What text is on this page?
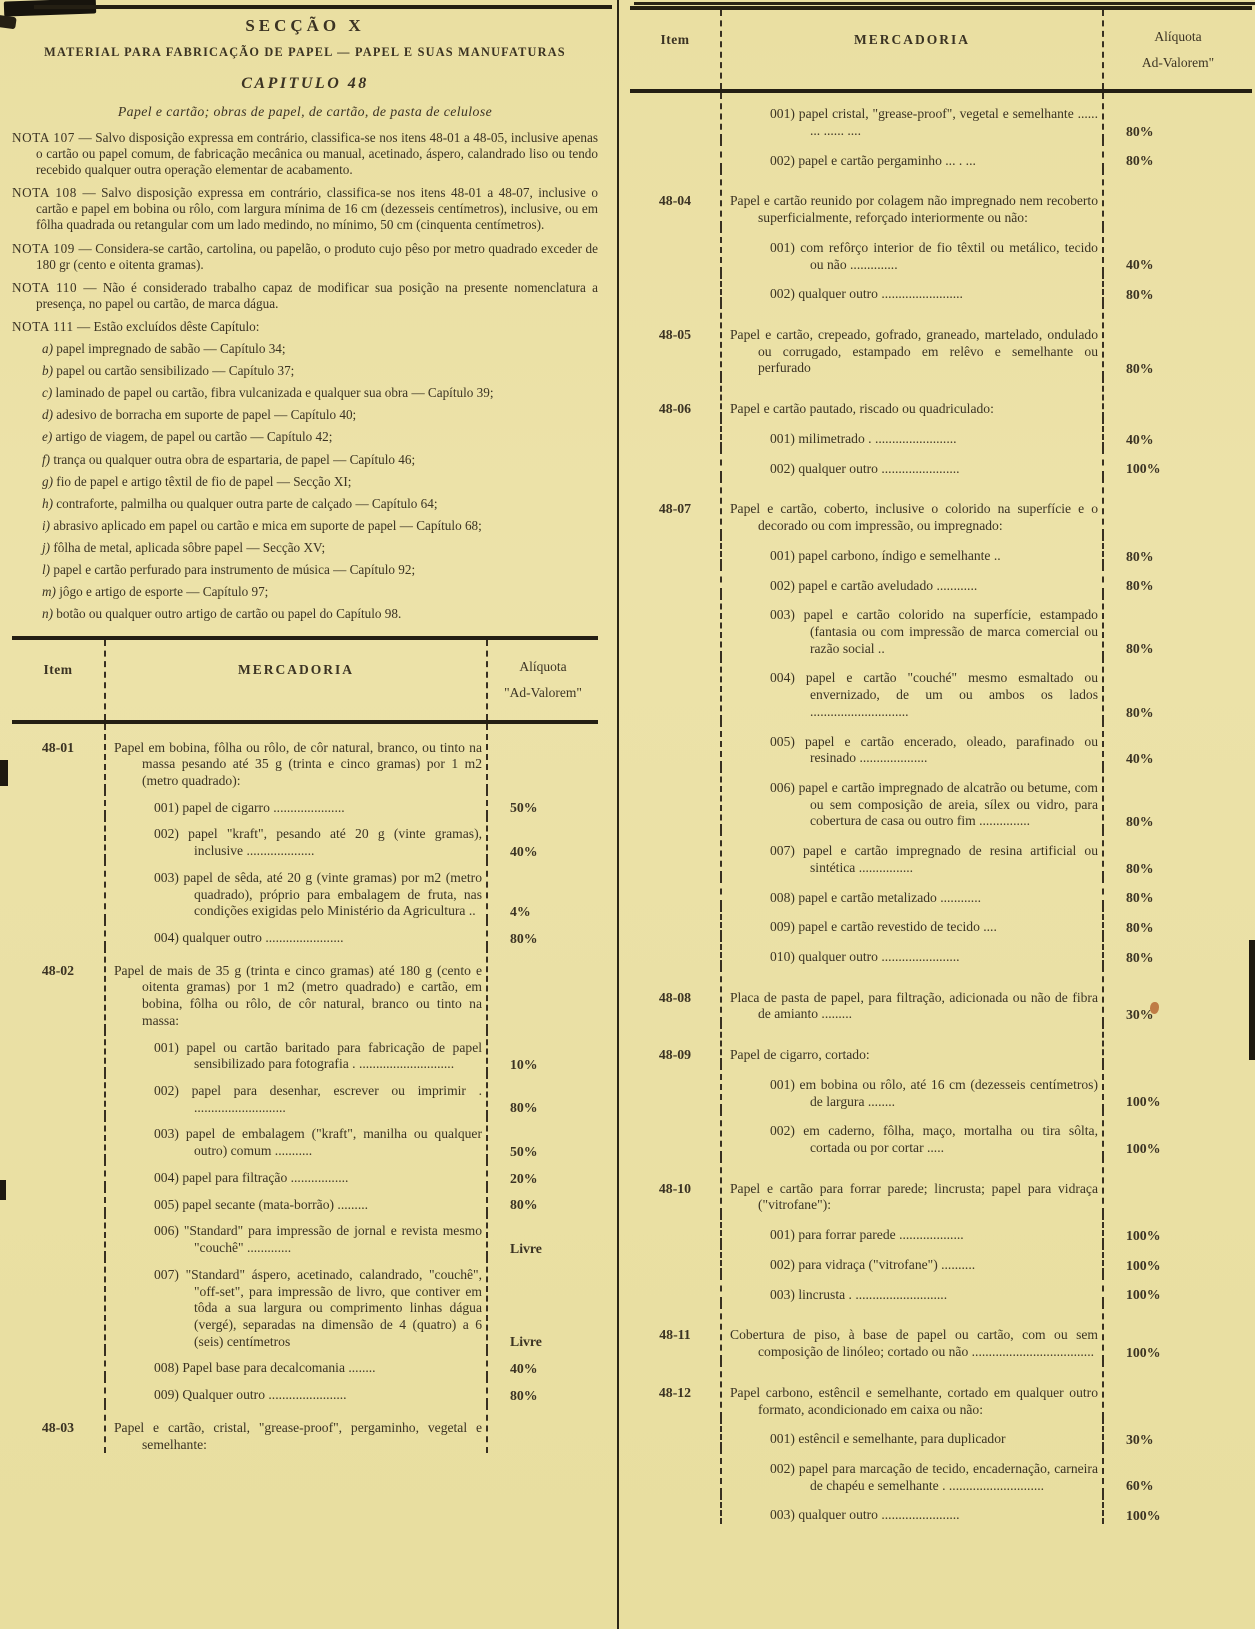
SECÇÃO X
MATERIAL PARA FABRICAÇÃO DE PAPEL — PAPEL E SUAS MANUFATURAS
CAPITULO 48
Papel e cartão; obras de papel, de cartão, de pasta de celulose

NOTA 107 — Salvo disposição expressa em contrário, classifica-se nos itens 48-01 a 48-05, inclusive apenas o cartão ou papel comum, de fabricação mecânica ou manual, acetinado, áspero, calandrado liso ou tendo recebido qualquer outra operação elementar de acabamento.

NOTA 108 — Salvo disposição expressa em contrário, classifica-se nos itens 48-01 a 48-07, inclusive o cartão e papel em bobina ou rôlo, com largura mínima de 16 cm (dezesseis centímetros), inclusive, ou em fôlha quadrada ou retangular com um lado medindo, no mínimo, 50 cm (cinquenta centímetros).

NOTA 109 — Considera-se cartão, cartolina, ou papelão, o produto cujo pêso por metro quadrado exceder de 180 gr (cento e oitenta gramas).

NOTA 110 — Não é considerado trabalho capaz de modificar sua posição na presente nomenclatura a presença, no papel ou cartão, de marca dágua.

NOTA 111 — Estão excluídos dêste Capítulo:

a) papel impregnado de sabão — Capítulo 34;

b) papel ou cartão sensibilizado — Capítulo 37;

c) laminado de papel ou cartão, fibra vulcanizada e qualquer sua obra — Capítulo 39;

d) adesivo de borracha em suporte de papel — Capítulo 40;

e) artigo de viagem, de papel ou cartão — Capítulo 42;

f) trança ou qualquer outra obra de espartaria, de papel — Capítulo 46;

g) fio de papel e artigo têxtil de fio de papel — Secção XI;

h) contraforte, palmilha ou qualquer outra parte de calçado — Capítulo 64;

i) abrasivo aplicado em papel ou cartão e mica em suporte de papel — Capítulo 68;

j) fôlha de metal, aplicada sôbre papel — Secção XV;

l) papel e cartão perfurado para instrumento de música — Capítulo 92;

m) jôgo e artigo de esporte — Capítulo 97;

n) botão ou qualquer outro artigo de cartão ou papel do Capítulo 98.

Item	MERCADORIA	Alíquota
"Ad-Valorem"
48-01	Papel em bobina, fôlha ou rôlo, de côr natural, branco, ou tinto na massa pesando até 35 g (trinta e cinco gramas) por 1 m2 (metro quadrado):
001) papel de cigarro .....................	50%
002) papel "kraft", pesando até 20 g (vinte gramas), inclusive ....................	40%
003) papel de sêda, até 20 g (vinte gramas) por m2 (metro quadrado), próprio para embalagem de fruta, nas condições exigidas pelo Ministério da Agricultura ..	4%
004) qualquer outro .......................	80%
48-02	Papel de mais de 35 g (trinta e cinco gramas) até 180 g (cento e oitenta gramas) por 1 m2 (metro quadrado) e cartão, em bobina, fôlha ou rôlo, de côr natural, branco ou tinto na massa:
001) papel ou cartão baritado para fabricação de papel sensibilizado para fotografia . ............................	10%
002) papel para desenhar, escrever ou imprimir . ...........................	80%
003) papel de embalagem ("kraft", manilha ou qualquer outro) comum ...........	50%
004) papel para filtração .................	20%
005) papel secante (mata-borrão) .........	80%
006) "Standard" para impressão de jornal e revista mesmo "couchê" .............	Livre
007) "Standard" áspero, acetinado, calandrado, "couchê", "off-set", para impressão de livro, que contiver em tôda a sua largura ou comprimento linhas dágua (vergé), separadas na dimensão de 4 (quatro) a 6 (seis) centímetros	Livre
008) Papel base para decalcomania ........	40%
009) Qualquer outro .......................	80%
48-03	Papel e cartão, cristal, "grease-proof", pergaminho, vegetal e semelhante:
Item	MERCADORIA	Alíquota
Ad-Valorem"
001) papel cristal, "grease-proof", vegetal e semelhante ...... ... ...... ....	80%
002) papel e cartão pergaminho ... . ...	80%
48-04	Papel e cartão reunido por colagem não impregnado nem recoberto superficialmente, reforçado interiormente ou não:
001) com refôrço interior de fio têxtil ou metálico, tecido ou não ..............	40%
002) qualquer outro ........................	80%
48-05	Papel e cartão, crepeado, gofrado, graneado, martelado, ondulado ou corrugado, estampado em relêvo e semelhante ou perfurado	80%
48-06	Papel e cartão pautado, riscado ou quadriculado:
001) milimetrado . ........................	40%
002) qualquer outro .......................	100%
48-07	Papel e cartão, coberto, inclusive o colorido na superfície e o decorado ou com impressão, ou impregnado:
001) papel carbono, índigo e semelhante ..	80%
002) papel e cartão aveludado ............	80%
003) papel e cartão colorido na superfície, estampado (fantasia ou com impressão de marca comercial ou razão social ..	80%
004) papel e cartão "couché" mesmo esmaltado ou envernizado, de um ou ambos os lados .............................	80%
005) papel e cartão encerado, oleado, parafinado ou resinado ....................	40%
006) papel e cartão impregnado de alcatrão ou betume, com ou sem composição de areia, sílex ou vidro, para cobertura de casa ou outro fim ...............	80%
007) papel e cartão impregnado de resina artificial ou sintética ................	80%
008) papel e cartão metalizado ............	80%
009) papel e cartão revestido de tecido ....	80%
010) qualquer outro .......................	80%
48-08	Placa de pasta de papel, para filtração, adicionada ou não de fibra de amianto .........	30%
48-09	Papel de cigarro, cortado:
001) em bobina ou rôlo, até 16 cm (dezesseis centímetros) de largura ........	100%
002) em caderno, fôlha, maço, mortalha ou tira sôlta, cortada ou por cortar .....	100%
48-10	Papel e cartão para forrar parede; lincrusta; papel para vidraça ("vitrofane"):
001) para forrar parede ...................	100%
002) para vidraça ("vitrofane") ..........	100%
003) lincrusta . ...........................	100%
48-11	Cobertura de piso, à base de papel ou cartão, com ou sem composição de linóleo; cortado ou não ....................................	100%
48-12	Papel carbono, estêncil e semelhante, cortado em qualquer outro formato, acondicionado em caixa ou não:
001) estêncil e semelhante, para duplicador	30%
002) papel para marcação de tecido, encadernação, carneira de chapéu e semelhante . ............................	60%
003) qualquer outro .......................	100%
